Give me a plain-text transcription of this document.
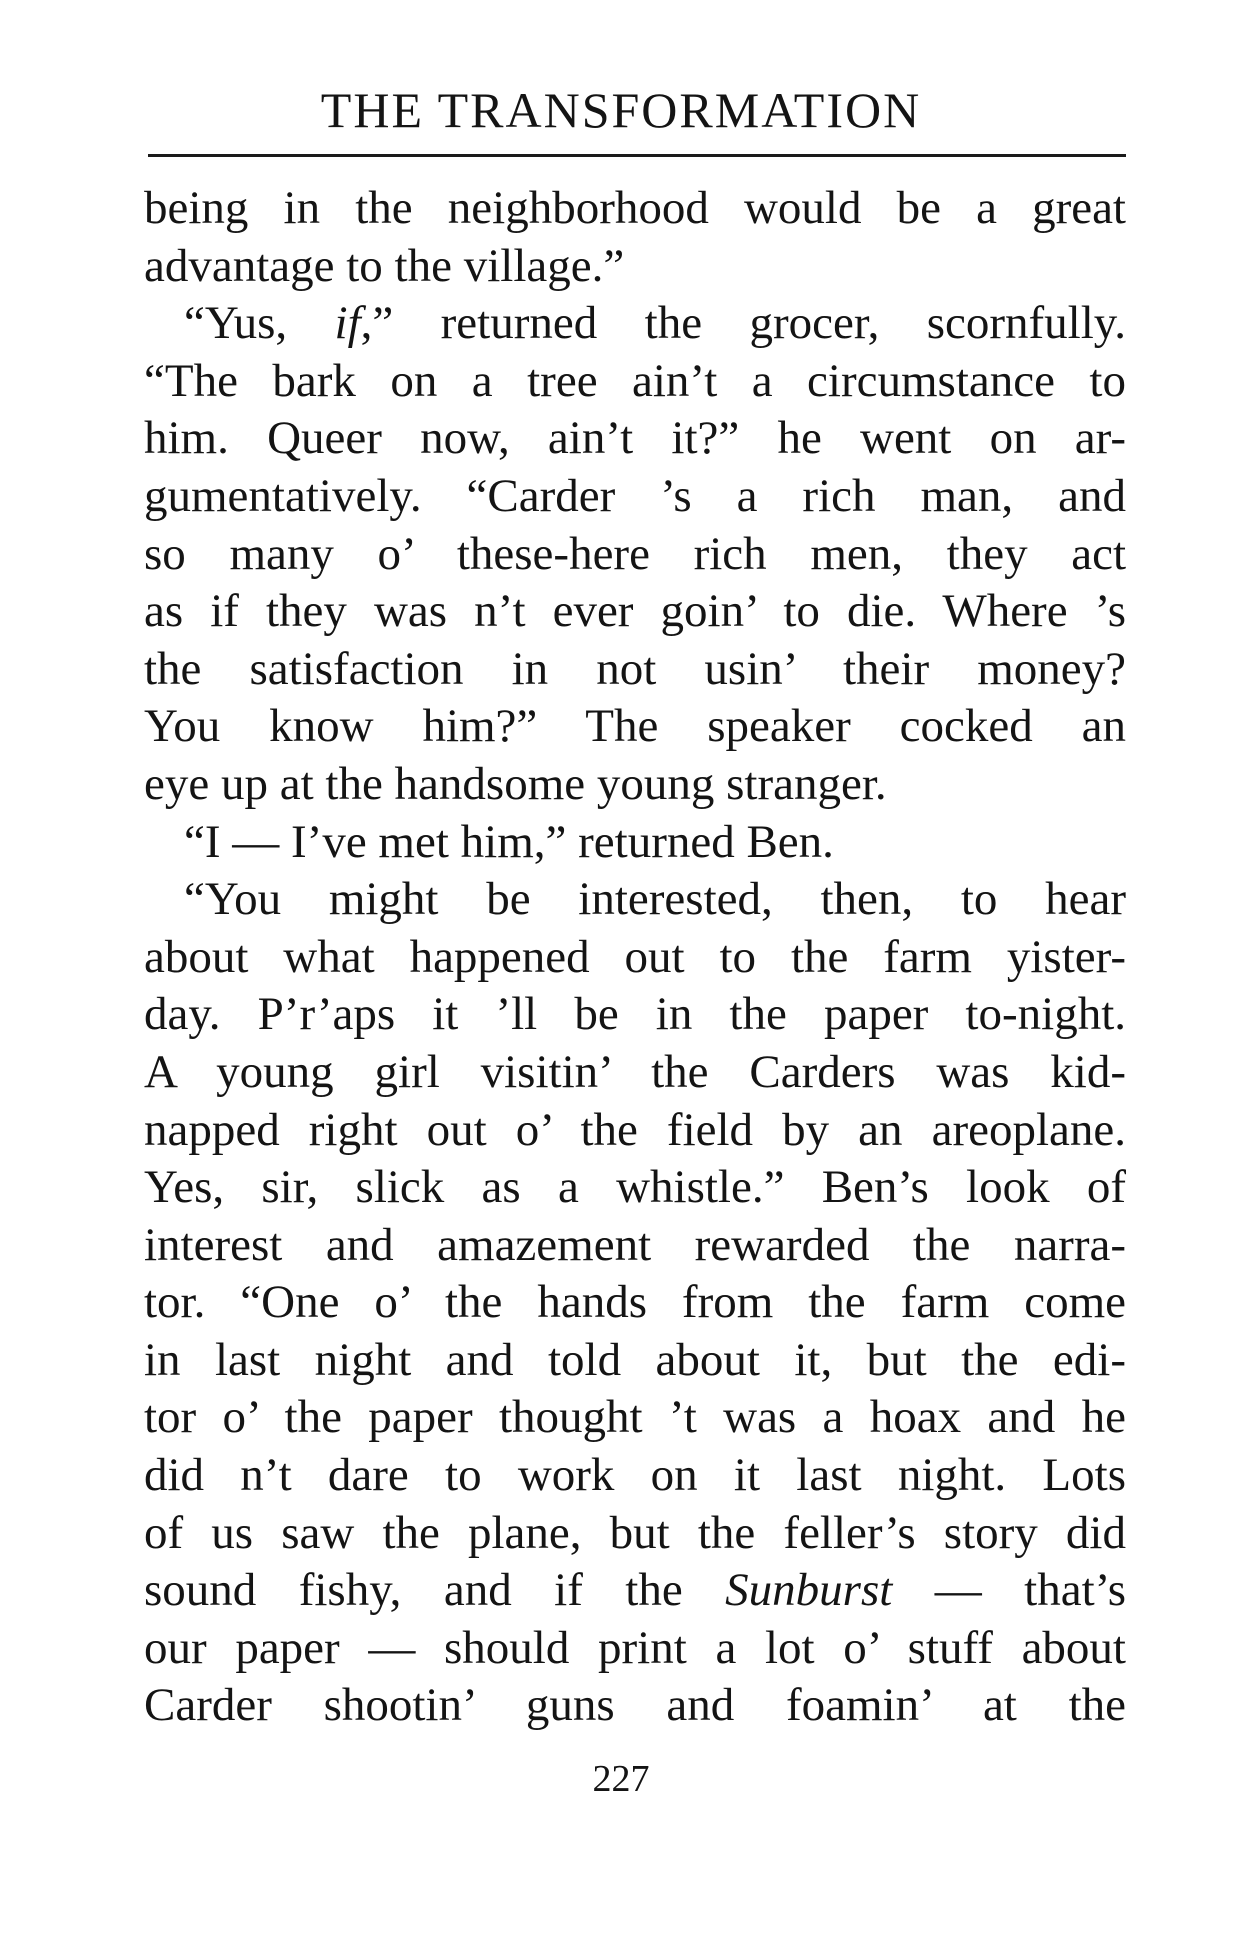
THE TRANSFORMATION
being in the neighborhood would be a great
advantage to the village.”
“Yus, if,” returned the grocer, scornfully.
“The bark on a tree ain’t a circumstance to
him. Queer now, ain’t it?” he went on ar-
gumentatively. “Carder ’s a rich man, and
so many o’ these-here rich men, they act
as if they was n’t ever goin’ to die. Where ’s
the satisfaction in not usin’ their money?
You know him?” The speaker cocked an
eye up at the handsome young stranger.
“I — I’ve met him,” returned Ben.
“You might be interested, then, to hear
about what happened out to the farm yister-
day. P’r’aps it ’ll be in the paper to-night.
A young girl visitin’ the Carders was kid-
napped right out o’ the field by an areoplane.
Yes, sir, slick as a whistle.” Ben’s look of
interest and amazement rewarded the narra-
tor. “One o’ the hands from the farm come
in last night and told about it, but the edi-
tor o’ the paper thought ’t was a hoax and he
did n’t dare to work on it last night. Lots
of us saw the plane, but the feller’s story did
sound fishy, and if the Sunburst — that’s
our paper — should print a lot o’ stuff about
Carder shootin’ guns and foamin’ at the
227
